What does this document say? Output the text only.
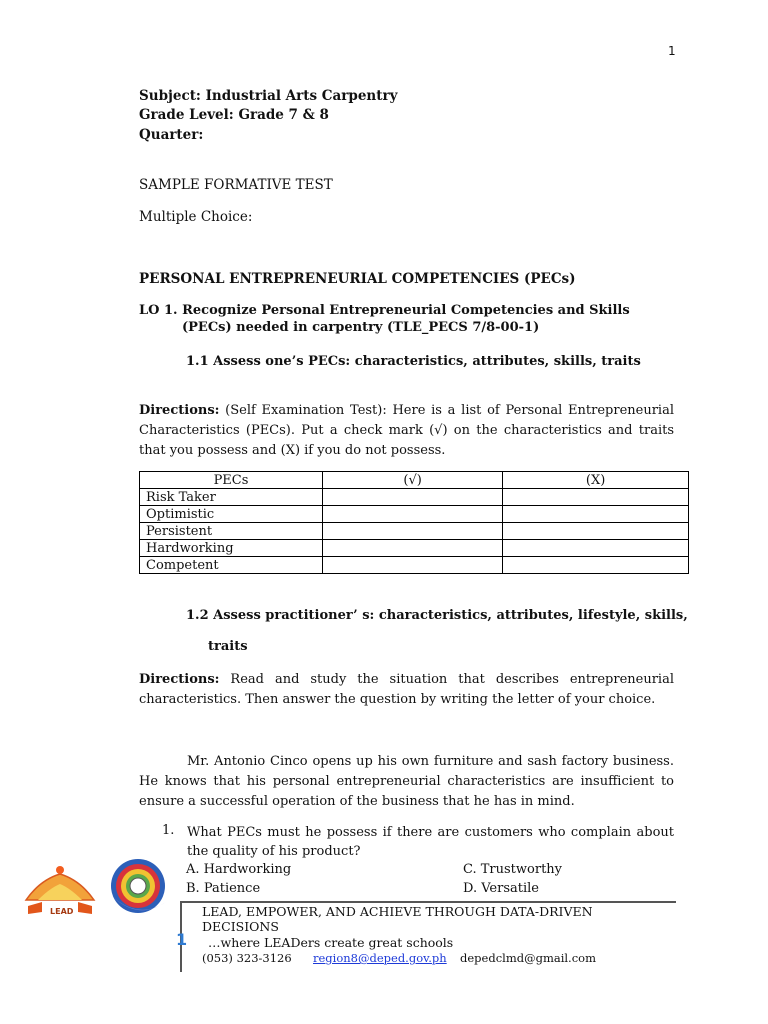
1
Subject: Industrial Arts Carpentry
Grade Level: Grade 7 & 8
Quarter:
SAMPLE FORMATIVE TEST
Multiple Choice:
PERSONAL ENTREPRENEURIAL COMPETENCIES (PECs)
LO 1. Recognize Personal Entrepreneurial Competencies and Skills
(PECs) needed in carpentry (TLE_PECS 7/8-00-1)
1.1 Assess one’s PECs: characteristics, attributes, skills, traits
Directions: (Self Examination Test): Here is a list of Personal Entrepreneurial Characteristics (PECs). Put a check mark (√) on the characteristics and traits that you possess and (X) if you do not possess.
PECs	(√)	(X)
Risk Taker		
Optimistic		
Persistent		
Hardworking		
Competent		
1.2 Assess practitioner’ s: characteristics, attributes, lifestyle, skills,
traits
Directions: Read and study the situation that describes entrepreneurial characteristics. Then answer the question by writing the letter of your choice.
Mr. Antonio Cinco opens up his own furniture and sash factory business. He knows that his personal entrepreneurial characteristics are insufficient to ensure a successful operation of the business that he has in mind.
1. What PECs must he possess if there are customers who complain about the quality of his product?
A. Hardworking
B. Patience
C. Trustworthy
D. Versatile
LEAD
1
LEAD, EMPOWER, AND ACHIEVE THROUGH DATA-DRIVEN
DECISIONS
…where LEADers create great schools
(053) 323-3126 region8@deped.gov.ph depedclmd@gmail.com
